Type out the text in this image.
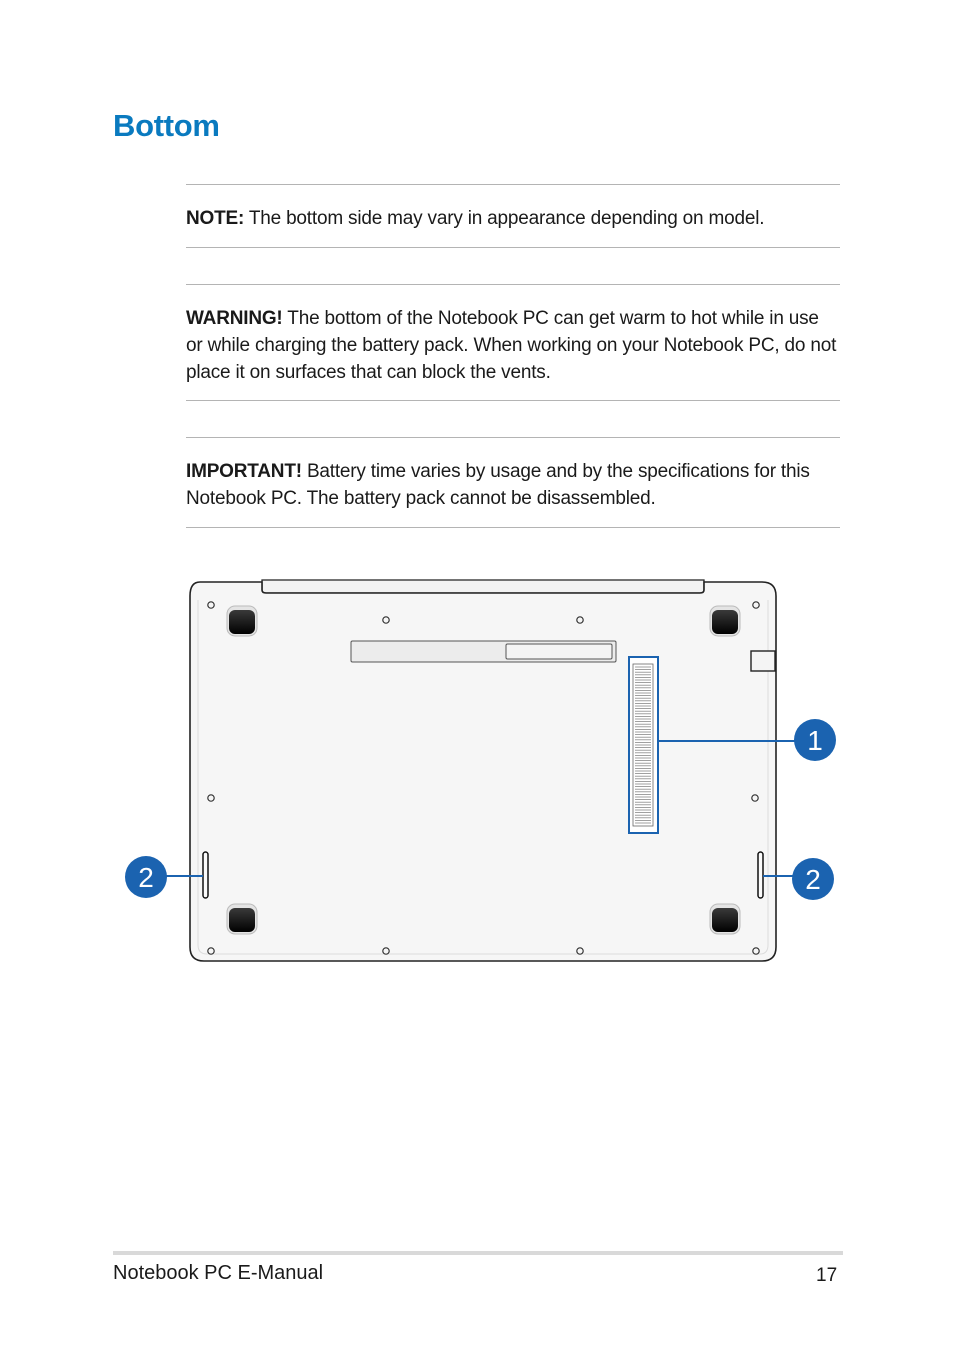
Bottom

NOTE: The bottom side may vary in appearance depending on model.

WARNING! The bottom of the Notebook PC can get warm to hot while in use or while charging the battery pack. When working on your Notebook PC, do not place it on surfaces that can block the vents.

IMPORTANT! Battery time varies by usage and by the specifications for this Notebook PC. The battery pack cannot be disassembled.

1
2	2
Notebook PC E-Manual	17
